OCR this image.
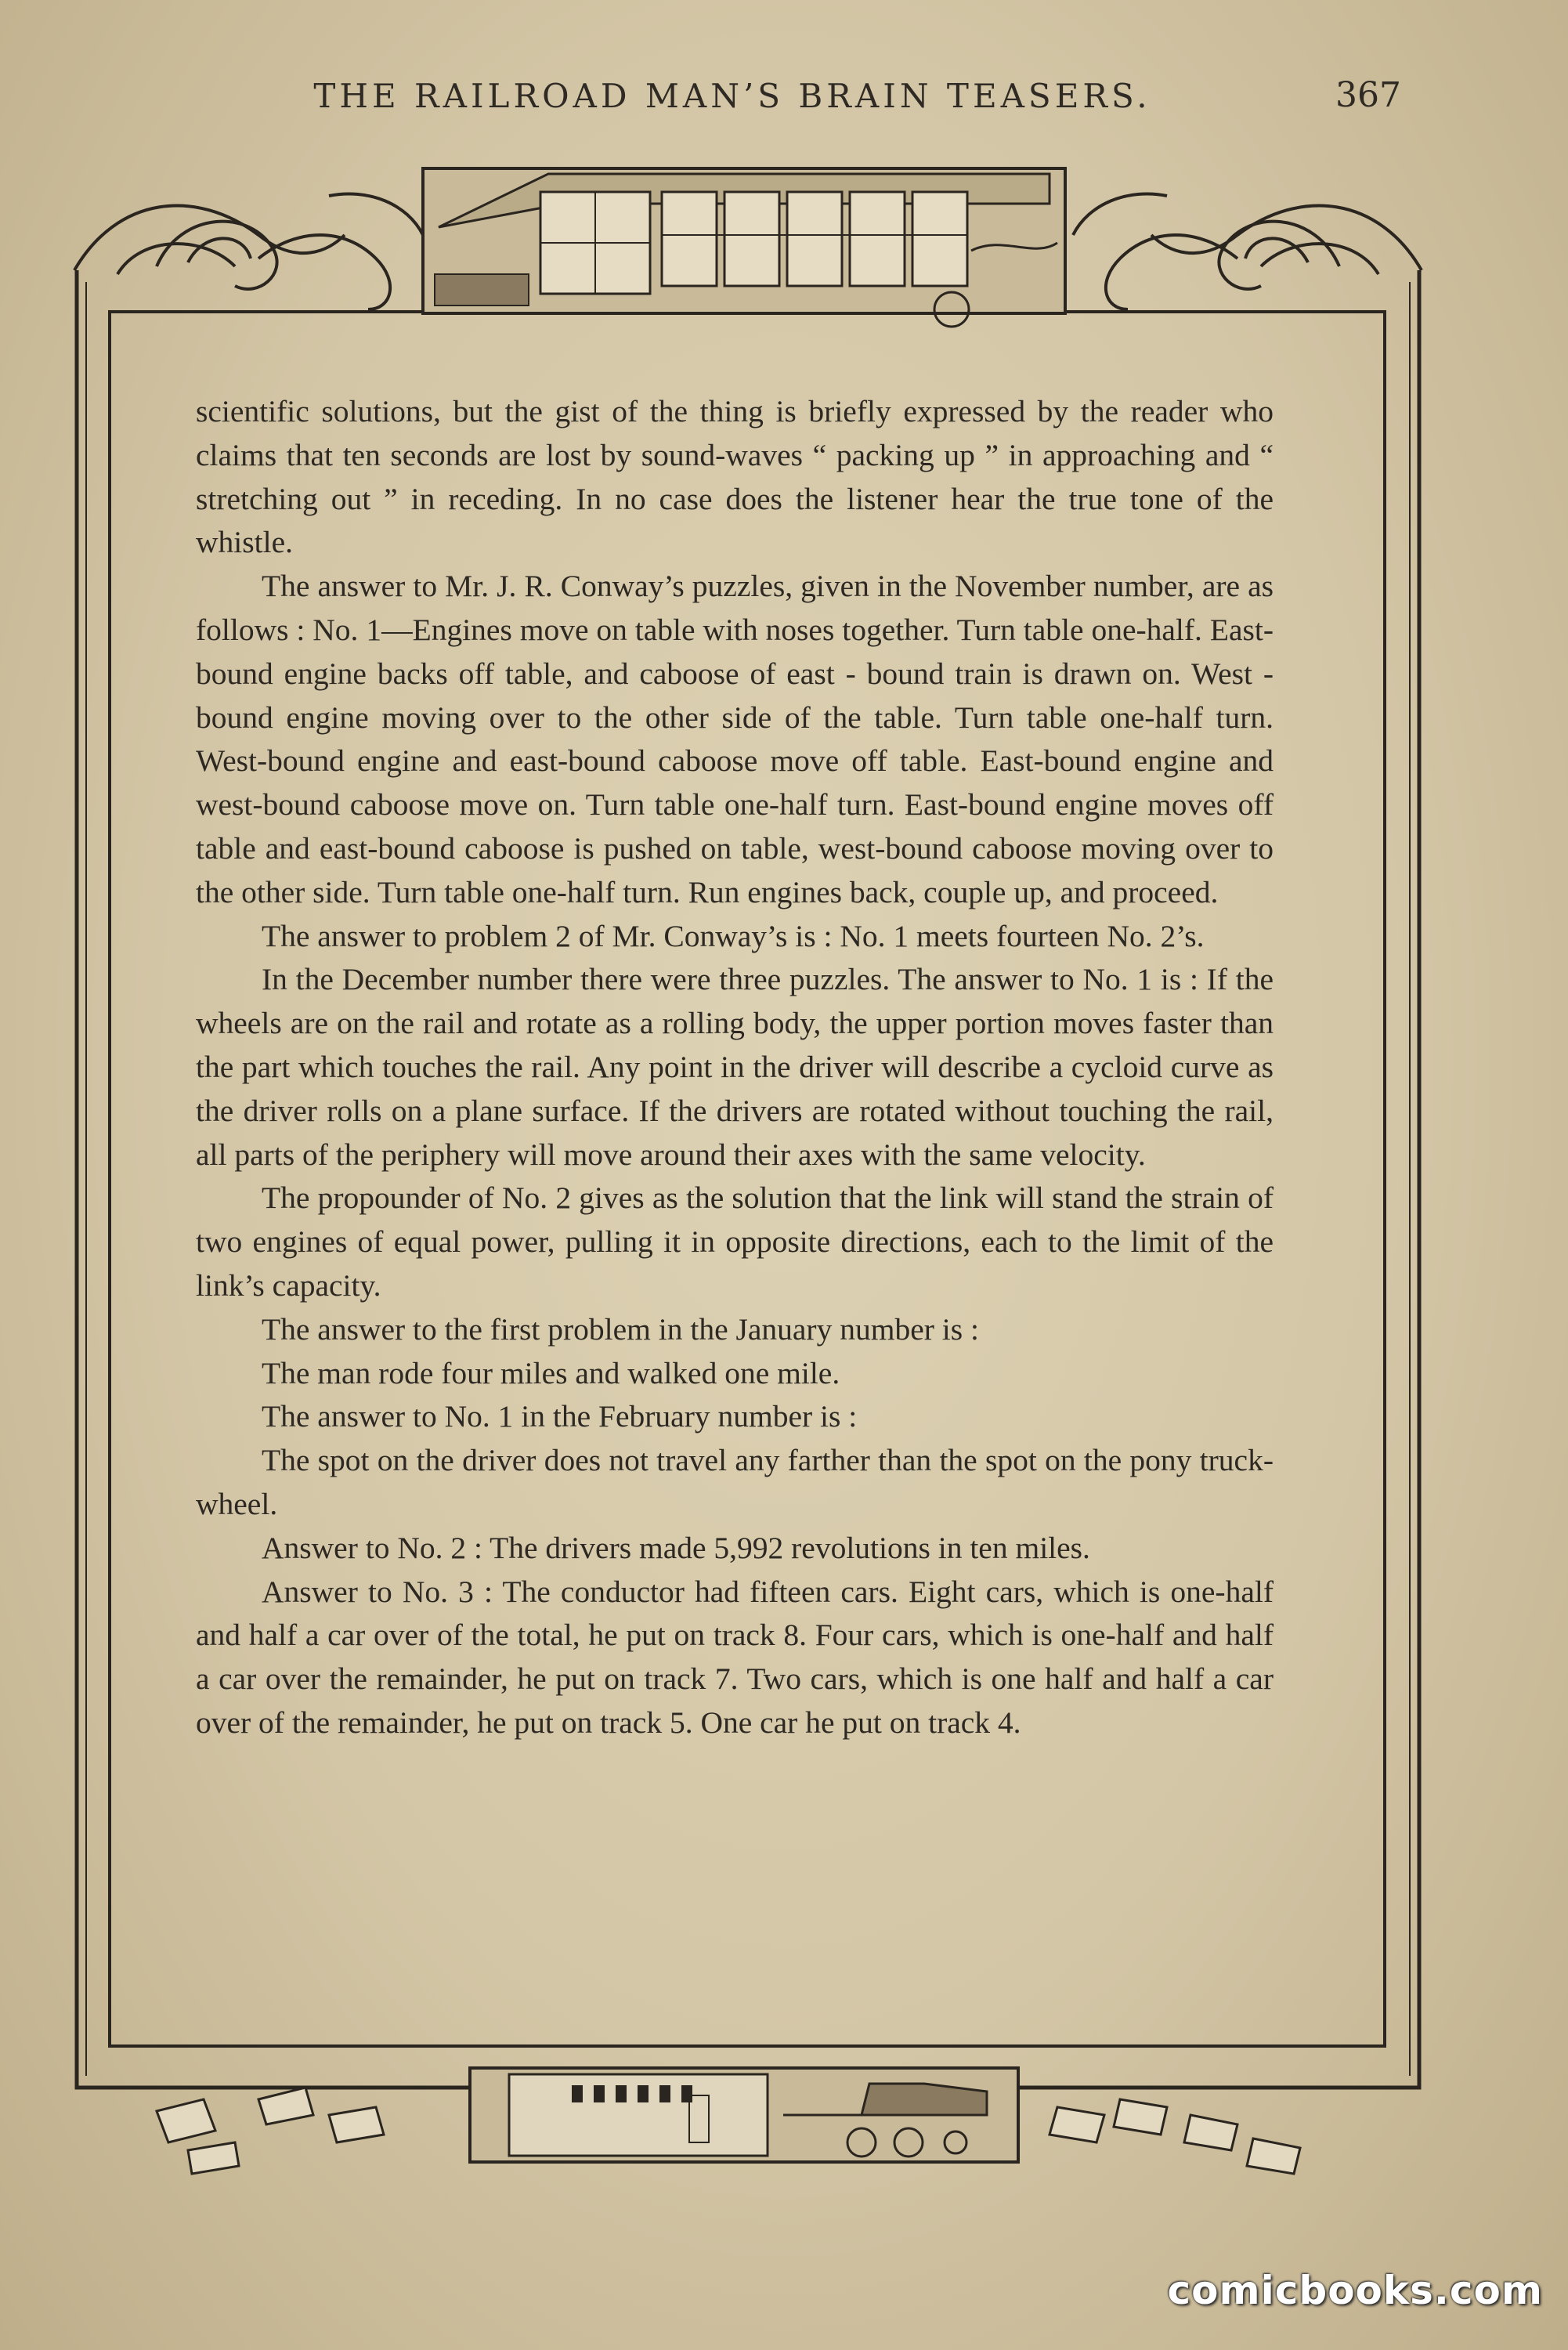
THE RAILROAD MAN’S BRAIN TEASERS.	367

scientific solutions, but the gist of the thing is briefly expressed by the reader who claims that ten seconds are lost by sound-waves “ packing up ” in approaching and “ stretching out ” in receding. In no case does the listener hear the true tone of the whistle.

The answer to Mr. J. R. Conway’s puzzles, given in the November number, are as follows : No. 1—Engines move on table with noses together. Turn table one-half. East-bound engine backs off table, and caboose of east - bound train is drawn on. West - bound engine moving over to the other side of the table. Turn table one-half turn. West-bound engine and east-bound caboose move off table. East-bound engine and west-bound caboose move on. Turn table one-half turn. East-bound engine moves off table and east-bound caboose is pushed on table, west-bound caboose moving over to the other side. Turn table one-half turn. Run engines back, couple up, and proceed.

The answer to problem 2 of Mr. Conway’s is : No. 1 meets fourteen No. 2’s.

In the December number there were three puzzles. The answer to No. 1 is : If the wheels are on the rail and rotate as a rolling body, the upper portion moves faster than the part which touches the rail. Any point in the driver will describe a cycloid curve as the driver rolls on a plane surface. If the drivers are rotated without touching the rail, all parts of the periphery will move around their axes with the same velocity.

The propounder of No. 2 gives as the solution that the link will stand the strain of two engines of equal power, pulling it in opposite directions, each to the limit of the link’s capacity.

The answer to the first problem in the January number is :

The man rode four miles and walked one mile.

The answer to No. 1 in the February number is :

The spot on the driver does not travel any farther than the spot on the pony truck-wheel.

Answer to No. 2 : The drivers made 5,992 revolutions in ten miles.

Answer to No. 3 : The conductor had fifteen cars. Eight cars, which is one-half and half a car over of the total, he put on track 8. Four cars, which is one-half and half a car over the remainder, he put on track 7. Two cars, which is one half and half a car over of the remainder, he put on track 5. One car he put on track 4.

comicbooks.com
